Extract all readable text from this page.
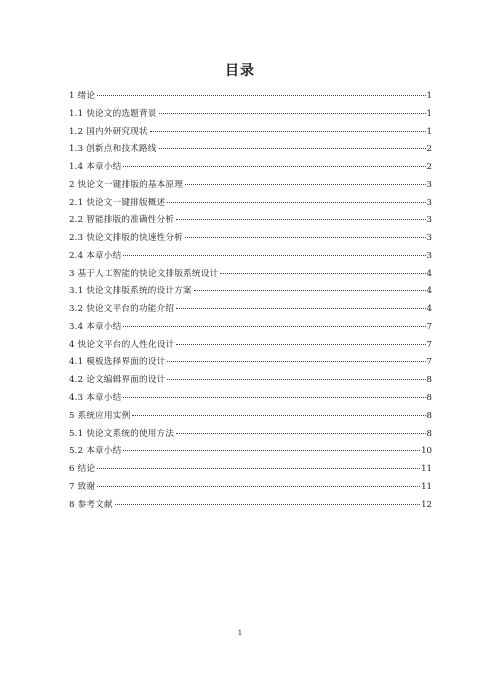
目录
1 绪论	1
1.1 快论文的选题背景	1
1.2 国内外研究现状	1
1.3 创新点和技术路线	2
1.4 本章小结	2
2 快论文一键排版的基本原理	3
2.1 快论文一键排版概述	3
2.2 智能排版的准确性分析	3
2.3 快论文排版的快速性分析	3
2.4 本章小结	3
3 基于人工智能的快论文排版系统设计	4
3.1 快论文排版系统的设计方案	4
3.2 快论文平台的功能介绍	4
3.4 本章小结	7
4 快论文平台的人性化设计	7
4.1 模板选择界面的设计	7
4.2 论文编辑界面的设计	8
4.3 本章小结	8
5 系统应用实例	8
5.1 快论文系统的使用方法	8
5.2 本章小结	10
6 结论	11
7 致谢	11
8 参考文献	12
1
